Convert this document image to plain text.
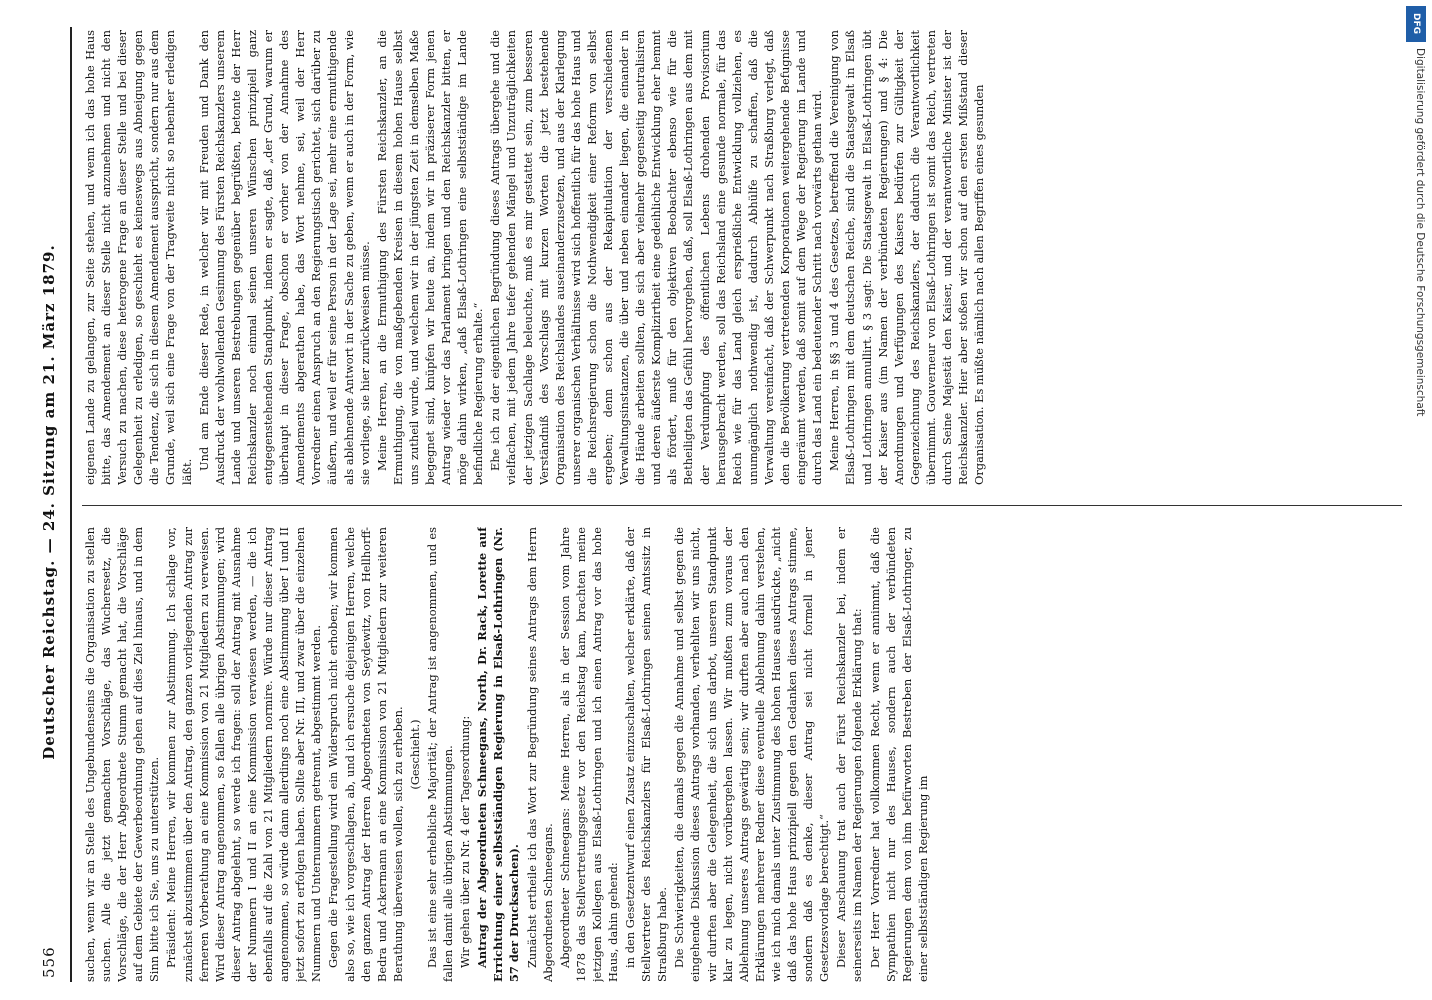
556
Deutscher Reichstag. — 24. Sitzung am 21. März 1879. suchen, wenn wir an Stelle des Ungebundenseins die Organisation zu stellen suchen. Alle die jetzt gemachten Vorschläge, das Wucheresetz, die Vorschläge, die der Herr Abgeordnete Stumm gemacht hat, die Vorschläge auf dem Gebiete der Gewerbeordnung gehen auf dies Ziel hinaus, und in dem Sinn bitte ich Sie, uns zu unterstützen. Präsident: Meine Herren, wir kommen zur Abstimmung. Ich schlage vor, zunächst abzustimmen über den Antrag, den ganzen vorliegenden Antrag zur ferneren Vorberathung an eine Kommission von 21 Mitgliedern zu verweisen. Wird dieser Antrag angenommen, so fallen alle übrigen Abstimmungen; wird dieser Antrag abgelehnt, so werde ich fragen: soll der Antrag mit Ausnahme der Nummern I und II an eine Kommission verwiesen werden, — die ich ebenfalls auf die Zahl von 21 Mitgliedern normire. Würde nur dieser Antrag angenommen, so würde dann allerdings noch eine Abstimmung über I und II jetzt sofort zu erfolgen haben. Sollte aber Nr. III, und zwar über die einzelnen Nummern und Unternummern getrennt, abgestimmt werden. Gegen die Fragestellung wird ein Widerspruch nicht erhoben; wir kommen also so, wie ich vorgeschlagen, ab, und ich ersuche diejenigen Herren, welche den ganzen Antrag der Herren Abgeordneten von Seydewitz, von Hellhorff-Bedra und Ackermann an eine Kommission von 21 Mitgliedern zur weiteren Berathung überweisen wollen, sich zu erheben. (Geschieht.) Das ist eine sehr erhebliche Majorität; der Antrag ist angenommen, und es fallen damit alle übrigen Abstimmungen. Wir gehen über zu Nr. 4 der Tagesordnung: Antrag der Abgeordneten Schneegans, North, Dr. Rack, Lorette auf Errichtung einer selbstständigen Regierung in Elsaß-Lothringen (Nr. 57 der Drucksachen). Zunächst ertheile ich das Wort zur Begründung seines Antrags dem Herrn Abgeordneten Schneegans. Abgeordneter Schneegans: Meine Herren, als in der Session vom Jahre 1878 das Stellvertretungsgesetz vor den Reichstag kam, brachten meine jetzigen Kollegen aus Elsaß-Lothringen und ich einen Antrag vor das hohe Haus, dahin gehend: in den Gesetzentwurf einen Zusatz einzuschalten, welcher erklärte, daß der Stellvertreter des Reichskanzlers für Elsaß-Lothringen seinen Amtssitz in Straßburg habe. Die Schwierigkeiten, die damals gegen die Annahme und selbst gegen die eingehende Diskussion dieses Antrags vorhanden, verhehlten wir uns nicht, wir durften aber die Gelegenheit, die sich uns darbot, unseren Standpunkt klar zu legen, nicht vorübergehen lassen. Wir mußten zum voraus der Ablehnung unseres Antrags gewärtig sein; wir durften aber auch nach den Erklärungen mehrerer Redner diese eventuelle Ablehnung dahin verstehen, wie ich mich damals unter Zustimmung des hohen Hauses ausdrückte, „nicht daß das hohe Haus prinzipiell gegen den Gedanken dieses Antrags stimme, sondern daß es denke, dieser Antrag sei nicht formell in jener Gesetzesvorlage berechtigt.“ Dieser Anschauung trat auch der Fürst Reichskanzler bei, indem er seinerseits im Namen der Regierungen folgende Erklärung that: Der Herr Vorredner hat vollkommen Recht, wenn er annimmt, daß die Sympathien nicht nur des Hauses, sondern auch der verbündeten Regierungen dem von ihm befürworten Bestreben der Elsaß-Lothringer, zu einer selbstständigen Regierung im

eigenen Lande zu gelangen, zur Seite stehen, und wenn ich das hohe Haus bitte, das Amendement an dieser Stelle nicht anzunehmen und nicht den Versuch zu machen, diese heterogene Frage an dieser Stelle und bei dieser Gelegenheit zu erledigen, so geschieht es keineswegs aus Abneigung gegen die Tendenz, die sich in diesem Amendement ausspricht, sondern nur aus dem Grunde, weil sich eine Frage von der Tragweite nicht so nebenher erledigen läßt.

Und am Ende dieser Rede, in welcher wir mit Freuden und Dank den Ausdruck der wohlwollenden Gesinnung des Fürsten Reichskanzlers unserem Lande und unseren Bestrebungen gegenüber begrüßten, betonte der Herr Reichskanzler noch einmal seinen unseren Wünschen prinzipiell ganz entgegenstehenden Standpunkt, indem er sagte, daß „der Grund, warum er überhaupt in dieser Frage, obschon er vorher von der Annahme des Amendements abgerathen habe, das Wort nehme, sei, weil der Herr Vorredner einen Anspruch an den Regierungstisch gerichtet, sich darüber zu äußern, und weil er für seine Person in der Lage sei, mehr eine ermuthigende als ablehnende Antwort in der Sache zu geben, wenn er auch in der Form, wie sie vorliege, sie hier zurückweisen müsse. Meine Herren, an die Ermuthigung des Fürsten Reichskanzler, an die Ermuthigung, die von maßgebenden Kreisen in diesem hohen Hause selbst uns zutheil wurde, und welchem wir in der jüngsten Zeit in demselben Maße begegnet sind, knüpfen wir heute an, indem wir in präziserer Form jenen Antrag wieder vor das Parlament bringen und den Reichskanzler bitten, er möge dahin wirken, „daß Elsaß-Lothringen eine selbstständige im Lande befindliche Regierung erhalte.“ Ehe ich zu der eigentlichen Begründung dieses Antrags übergehe und die vielfachen, mit jedem Jahre tiefer gehenden Mängel und Unzuträglichkeiten der jetzigen Sachlage beleuchte, muß es mir gestattet sein, zum besseren Verständniß des Vorschlags mit kurzen Worten die jetzt bestehende Organisation des Reichslandes auseinanderzusetzen, und aus der Klarlegung unserer organischen Verhältnisse wird sich hoffentlich für das hohe Haus und die Reichsregierung schon die Nothwendigkeit einer Reform von selbst ergeben; denn schon aus der Rekapitulation der verschiedenen Verwaltungsinstanzen, die über und neben einander liegen, die einander in die Hände arbeiten sollten, die sich aber vielmehr gegenseitig neutralisiren und deren äußerste Komplizirtheit eine gedeihliche Entwicklung eher hemmt als fördert, muß für den objektiven Beobachter ebenso wie für die Betheiligten das Gefühl hervorgehen, daß, soll Elsaß-Lothringen aus dem mit der Verdumpfung des öffentlichen Lebens drohenden Provisorium herausgebracht werden, soll das Reichsland eine gesunde normale, für das Reich wie für das Land gleich ersprießliche Entwicklung vollziehen, es unumgänglich nothwendig ist, dadurch Abhülfe zu schaffen, daß die Verwaltung vereinfacht, daß der Schwerpunkt nach Straßburg verlegt, daß den die Bevölkerung vertretenden Korporationen weitergehende Befugnisse eingeräumt werden, daß somit auf dem Wege der Regierung im Lande und durch das Land ein bedeutender Schritt nach vorwärts gethan wird. Meine Herren, in §§ 3 und 4 des Gesetzes, betreffend die Vereinigung von Elsaß-Lothringen mit dem deutschen Reiche, sind die Staatsgewalt in Elsaß und Lothringen annullirt. § 3 sagt: Die Staatsgewalt in Elsaß-Lothringen übt der Kaiser aus (im Namen der verbündeten Regierungen) und § 4: Die Anordnungen und Verfügungen des Kaisers bedürfen zur Gültigkeit der Gegenzeichnung des Reichskanzlers, der dadurch die Verantwortlichkeit übernimmt. Gouverneur von Elsaß-Lothringen ist somit das Reich, vertreten durch Seine Majestät den Kaiser, und der verantwortliche Minister ist der Reichskanzler. Hier aber stoßen wir schon auf den ersten Mißstand dieser Organisation. Es müßte nämlich nach allen Begriffen eines gesunden

DFG
Digitalisierung gefördert durch die Deutsche Forschungsgemeinschaft
